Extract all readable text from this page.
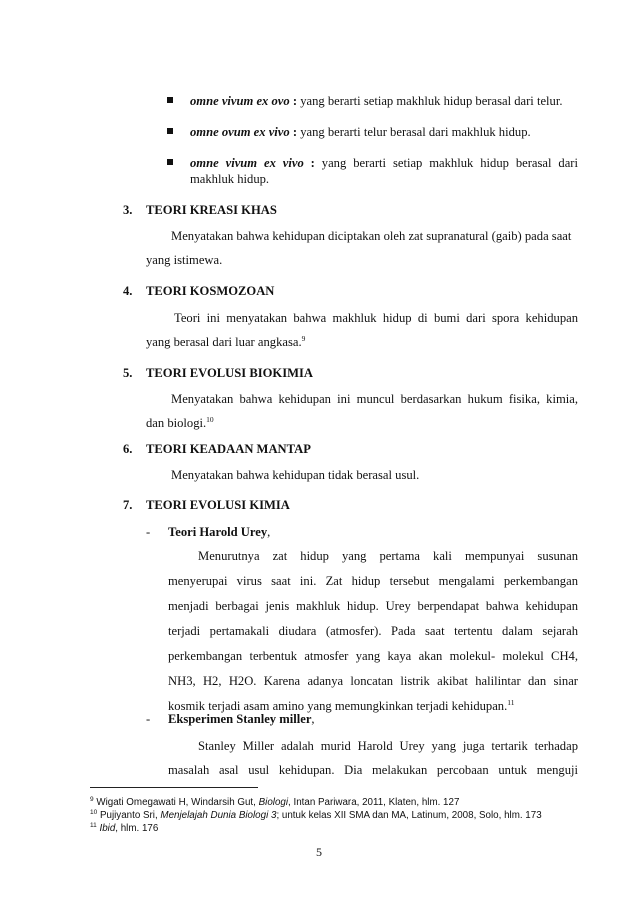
omne vivum ex ovo : yang berarti setiap makhluk hidup berasal dari telur.
omne ovum ex vivo : yang berarti telur berasal dari makhluk hidup.
omne vivum ex vivo : yang berarti setiap makhluk hidup berasal dari
makhluk hidup.
3. TEORI KREASI KHAS
Menyatakan bahwa kehidupan diciptakan oleh zat supranatural (gaib) pada saat
yang istimewa.
4. TEORI KOSMOZOAN
Teori ini menyatakan bahwa makhluk hidup di bumi dari spora kehidupan
yang berasal dari luar angkasa.$^9$
5. TEORI EVOLUSI BIOKIMIA
Menyatakan bahwa kehidupan ini muncul berdasarkan hukum fisika, kimia,
dan biologi.$^{10}$
6. TEORI KEADAAN MANTAP
Menyatakan bahwa kehidupan tidak berasal usul.
7. TEORI EVOLUSI KIMIA
- Teori Harold Urey,
Menurutnya zat hidup yang pertama kali mempunyai susunan
menyerupai virus saat ini. Zat hidup tersebut mengalami perkembangan
menjadi berbagai jenis makhluk hidup. Urey berpendapat bahwa kehidupan
terjadi pertamakali diudara (atmosfer). Pada saat tertentu dalam sejarah
perkembangan terbentuk atmosfer yang kaya akan molekul- molekul CH4,
NH3, H2, H2O. Karena adanya loncatan listrik akibat halilintar dan sinar
kosmik terjadi asam amino yang memungkinkan terjadi kehidupan.$^{11}$
- Eksperimen Stanley miller,
Stanley Miller adalah murid Harold Urey yang juga tertarik terhadap
masalah asal usul kehidupan. Dia melakukan percobaan untuk menguji
$^9$ Wigati Omegawati H, Windarsih Gut, Biologi, Intan Pariwara, 2011, Klaten, hlm. 127
$^{10}$ Pujiyanto Sri, Menjelajah Dunia Biologi 3; untuk kelas XII SMA dan MA, Latinum, 2008, Solo, hlm. 173
$^{11}$ Ibid, hlm. 176
5
